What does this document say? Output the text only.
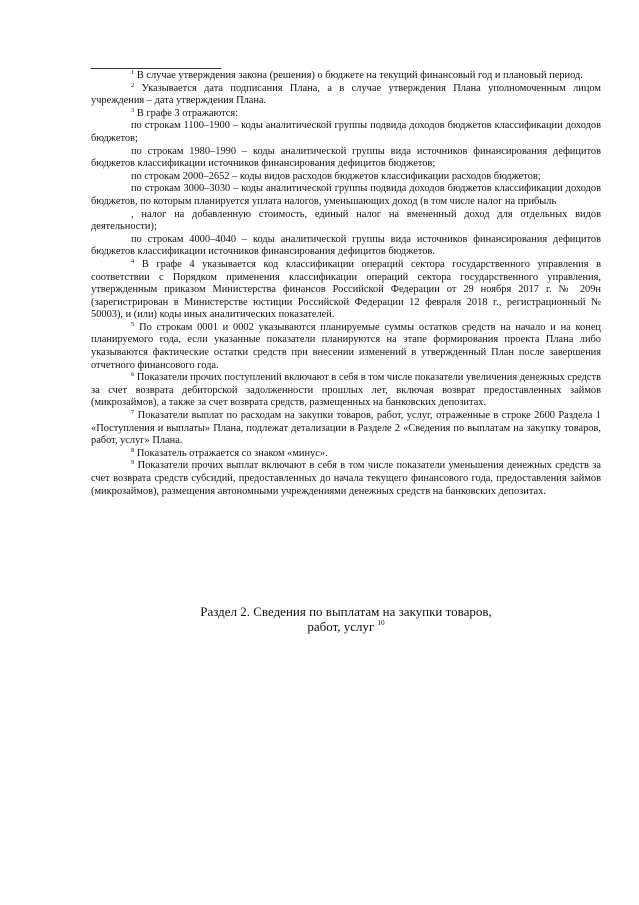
$^1$ В случае утверждения закона (решения) о бюджете на текущий финансовый год и плановый период.

$^2$ Указывается дата подписания Плана, а в случае утверждения Плана уполномоченным лицом учреждения – дата утверждения Плана.

$^3$ В графе 3 отражаются:

по строкам 1100–1900 – коды аналитической группы подвида доходов бюджетов классификации доходов бюджетов;

по строкам 1980–1990 – коды аналитической группы вида источников финансирования дефицитов бюджетов классификации источников финансирования дефицитов бюджетов;

по строкам 2000–2652 – коды видов расходов бюджетов классификации расходов бюджетов;

по строкам 3000–3030 – коды аналитической группы подвида доходов бюджетов классификации доходов бюджетов, по которым планируется уплата налогов, уменьшающих доход (в том числе налог на прибыль

, налог на добавленную стоимость, единый налог на вмененный доход для отдельных видов деятельности);

по строкам 4000–4040 – коды аналитической группы вида источников финансирования дефицитов бюджетов классификации источников финансирования дефицитов бюджетов.

$^4$ В графе 4 указывается код классификации операций сектора государственного управления в соответствии с Порядком применения классификации операций сектора государственного управления, утвержденным приказом Министерства финансов Российской Федерации от 29 ноября 2017 г. № 209н (зарегистрирован в Министерстве юстиции Российской Федерации 12 февраля 2018 г., регистрационный № 50003), и (или) коды иных аналитических показателей.

$^5$ По строкам 0001 и 0002 указываются планируемые суммы остатков средств на начало и на конец планируемого года, если указанные показатели планируются на этапе формирования проекта Плана либо указываются фактические остатки средств при внесении изменений в утвержденный План после завершения отчетного финансового года.

$^6$ Показатели прочих поступлений включают в себя в том числе показатели увеличения денежных средств за счет возврата дебиторской задолженности прошлых лет, включая возврат предоставленных займов (микрозаймов), а также за счет возврата средств, размещенных на банковских депозитах.

$^7$ Показатели выплат по расходам на закупки товаров, работ, услуг, отраженные в строке 2600 Раздела 1 «Поступления и выплаты» Плана, подлежат детализации в Разделе 2 «Сведения по выплатам на закупку товаров, работ, услуг» Плана.

$^8$ Показатель отражается со знаком «минус».

$^9$ Показатели прочих выплат включают в себя в том числе показатели уменьшения денежных средств за счет возврата средств субсидий, предоставленных до начала текущего финансового года, предоставления займов (микрозаймов), размещения автономными учреждениями денежных средств на банковских депозитах.

Раздел 2. Сведения по выплатам на закупки товаров,
работ, услуг $^{10}$
